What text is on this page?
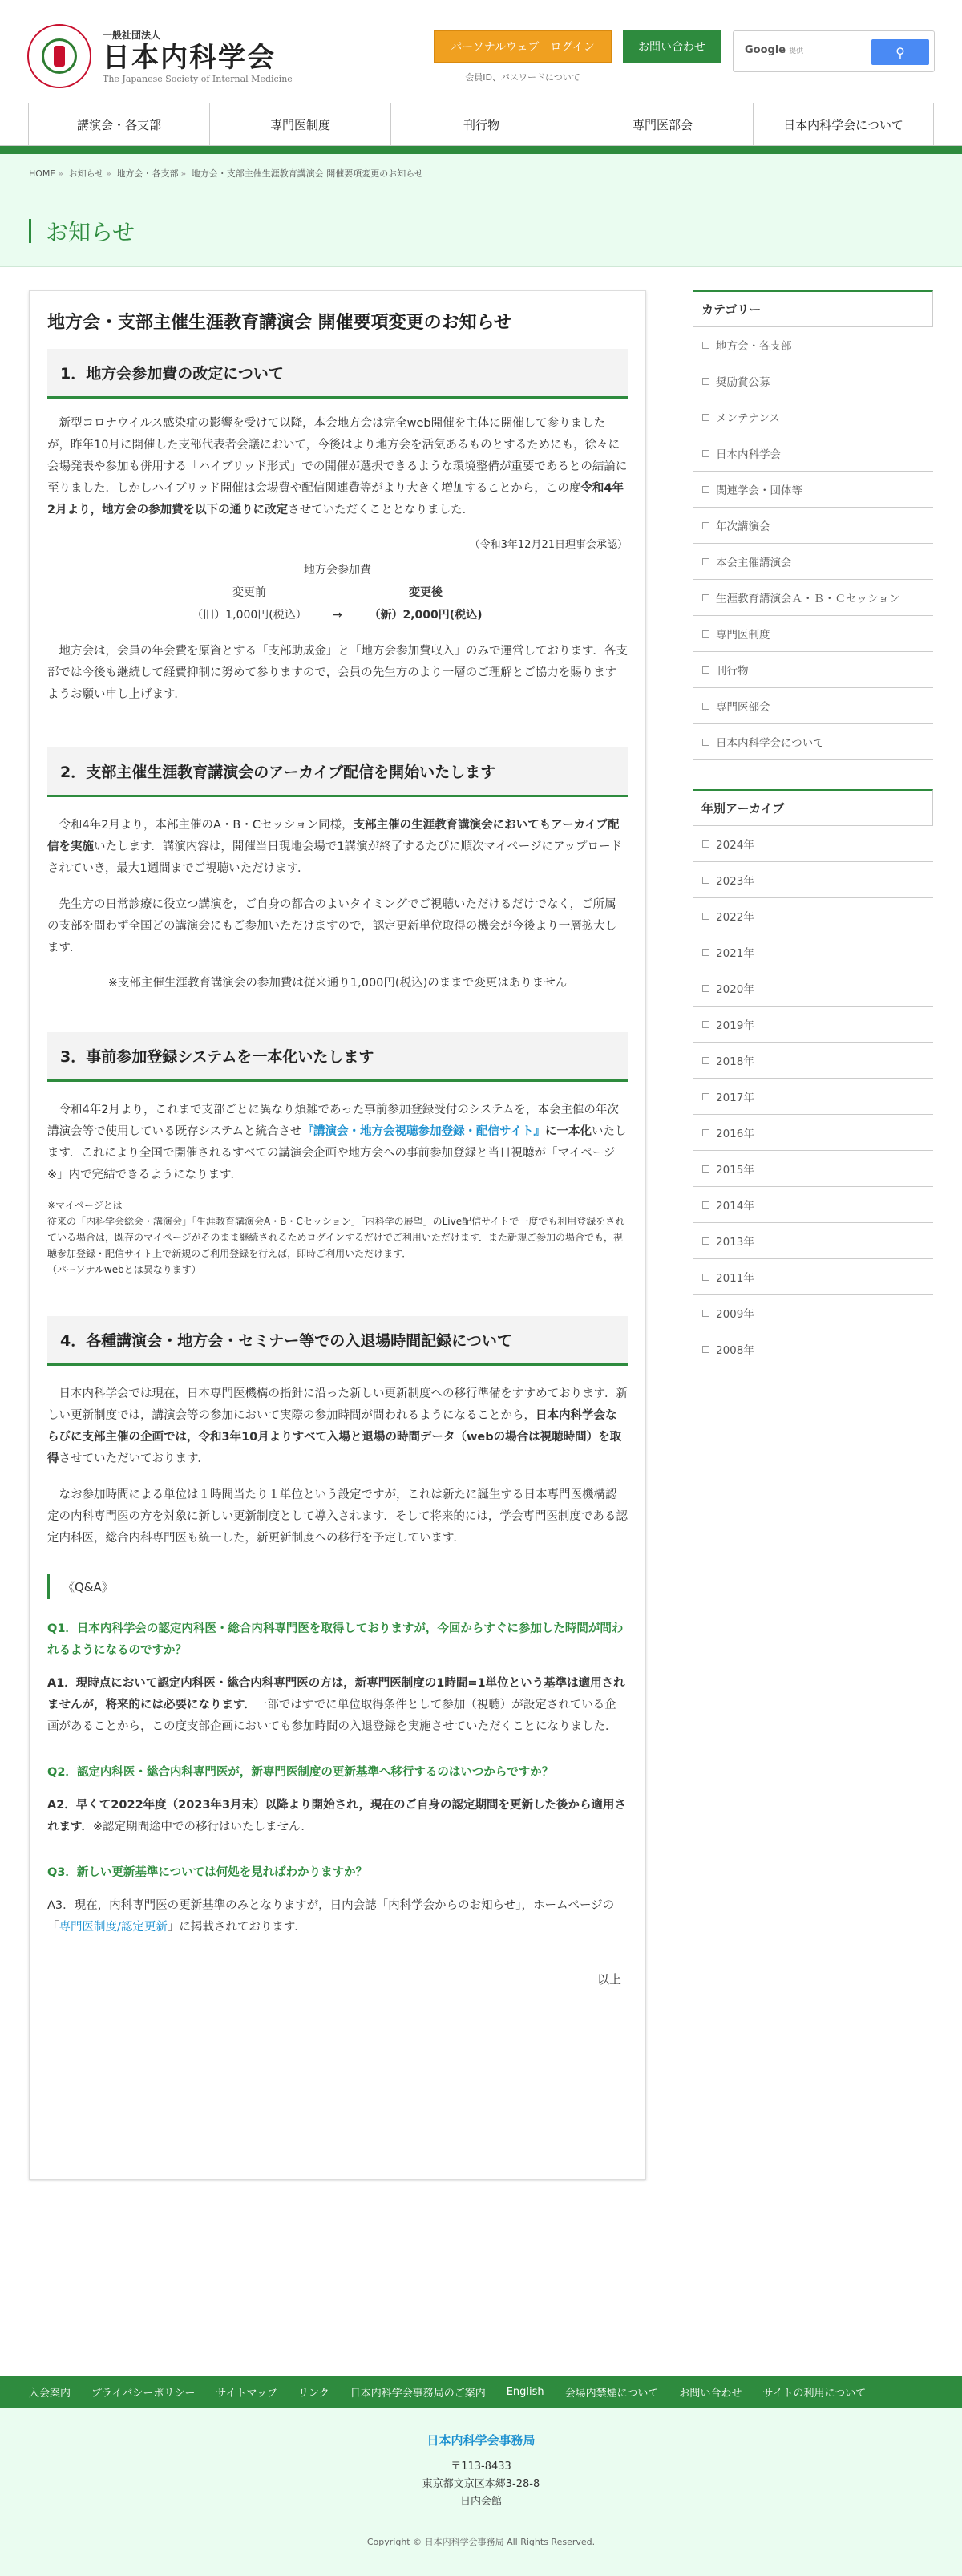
一般社団法人
日本内科学会
The Japanese Society of Internal Medicine
パーソナルウェブ　ログイン	お問い合わせ
会員ID、パスワードについて
Google 提供	⚲
講演会・各支部	専門医制度	刊行物	専門医部会	日本内科学会について
HOME » お知らせ » 地方会・各支部 » 地方会・支部主催生涯教育講演会 開催要項変更のお知らせ
お知らせ
地方会・支部主催生涯教育講演会 開催要項変更のお知らせ
1．地方会参加費の改定について

新型コロナウイルス感染症の影響を受けて以降，本会地方会は完全web開催を主体に開催して参りましたが，昨年10月に開催した支部代表者会議において，今後はより地方会を活気あるものとするためにも，徐々に会場発表や参加も併用する「ハイブリッド形式」での開催が選択できるような環境整備が重要であるとの結論に至りました．しかしハイブリッド開催は会場費や配信関連費等がより大きく増加することから，この度令和4年2月より，地方会の参加費を以下の通りに改定させていただくこととなりました．

（令和3年12月21日理事会承認）
地方会参加費
変更前	変更後
（旧）1,000円(税込）	→	（新）2,000円(税込)

地方会は，会員の年会費を原資とする「支部助成金」と「地方会参加費収入」のみで運営しております．各支部では今後も継続して経費抑制に努めて参りますので，会員の先生方のより一層のご理解とご協力を賜りますようお願い申し上げます．

2．支部主催生涯教育講演会のアーカイブ配信を開始いたします

令和4年2月より，本部主催のA・B・Cセッション同様，支部主催の生涯教育講演会においてもアーカイブ配信を実施いたします．講演内容は，開催当日現地会場で1講演が終了するたびに順次マイページにアップロードされていき，最大1週間までご視聴いただけます．

先生方の日常診療に役立つ講演を，ご自身の都合のよいタイミングでご視聴いただけるだけでなく，ご所属の支部を問わず全国どの講演会にもご参加いただけますので，認定更新単位取得の機会が今後より一層拡大します．

※支部主催生涯教育講演会の参加費は従来通り1,000円(税込)のままで変更はありません
3．事前参加登録システムを一本化いたします

令和4年2月より，これまで支部ごとに異なり煩雑であった事前参加登録受付のシステムを，本会主催の年次講演会等で使用している既存システムと統合させ『講演会・地方会視聴参加登録・配信サイト』に一本化いたします．これにより全国で開催されるすべての講演会企画や地方会への事前参加登録と当日視聴が「マイページ※」内で完結できるようになります．

※マイページとは
従来の「内科学会総会・講演会」「生涯教育講演会A・B・Cセッション」「内科学の展望」のLive配信サイトで一度でも利用登録をされている場合は，既存のマイページがそのまま継続されるためログインするだけでご利用いただけます．また新規ご参加の場合でも，視聴参加登録・配信サイト上で新規のご利用登録を行えば，即時ご利用いただけます．
（パーソナルwebとは異なります）
4．各種講演会・地方会・セミナー等での入退場時間記録について

日本内科学会では現在，日本専門医機構の指針に沿った新しい更新制度への移行準備をすすめております．新しい更新制度では，講演会等の参加において実際の参加時間が問われるようになることから，日本内科学会ならびに支部主催の企画では，令和3年10月よりすべて入場と退場の時間データ（webの場合は視聴時間）を取得させていただいております．

なお参加時間による単位は１時間当たり１単位という設定ですが，これは新たに誕生する日本専門医機構認定の内科専門医の方を対象に新しい更新制度として導入されます．そして将来的には，学会専門医制度である認定内科医，総合内科専門医も統一した，新更新制度への移行を予定しています．

《Q&A》
Q1．日本内科学会の認定内科医・総合内科専門医を取得しておりますが，今回からすぐに参加した時間が問われるようになるのですか？
A1．現時点において認定内科医・総合内科専門医の方は，新専門医制度の1時間=1単位という基準は適用されませんが，将来的には必要になります．一部ではすでに単位取得条件として参加（視聴）が設定されている企画があることから，この度支部企画においても参加時間の入退登録を実施させていただくことになりました．
Q2．認定内科医・総合内科専門医が，新専門医制度の更新基準へ移行するのはいつからですか？
A2．早くて2022年度（2023年3月末）以降より開始され，現在のご自身の認定期間を更新した後から適用されます．※認定期間途中での移行はいたしません．
Q3．新しい更新基準については何処を見ればわかりますか？
A3．現在，内科専門医の更新基準のみとなりますが，日内会誌「内科学会からのお知らせ」，ホームページの「専門医制度/認定更新」に掲載されております．
以上
カテゴリー
地方会・各支部
奨励賞公募
メンテナンス
日本内科学会
関連学会・団体等
年次講演会
本会主催講演会
生涯教育講演会Ａ・Ｂ・Ｃセッション
専門医制度
刊行物
専門医部会
日本内科学会について
年別アーカイブ
2024年
2023年
2022年
2021年
2020年
2019年
2018年
2017年
2016年
2015年
2014年
2013年
2011年
2009年
2008年
入会案内 プライバシーポリシー サイトマップ リンク 日本内科学会事務局のご案内 English 会場内禁煙について お問い合わせ サイトの利用について
日本内科学会事務局
〒113-8433
東京都文京区本郷3-28-8
日内会館
Copyright © 日本内科学会事務局 All Rights Reserved.
